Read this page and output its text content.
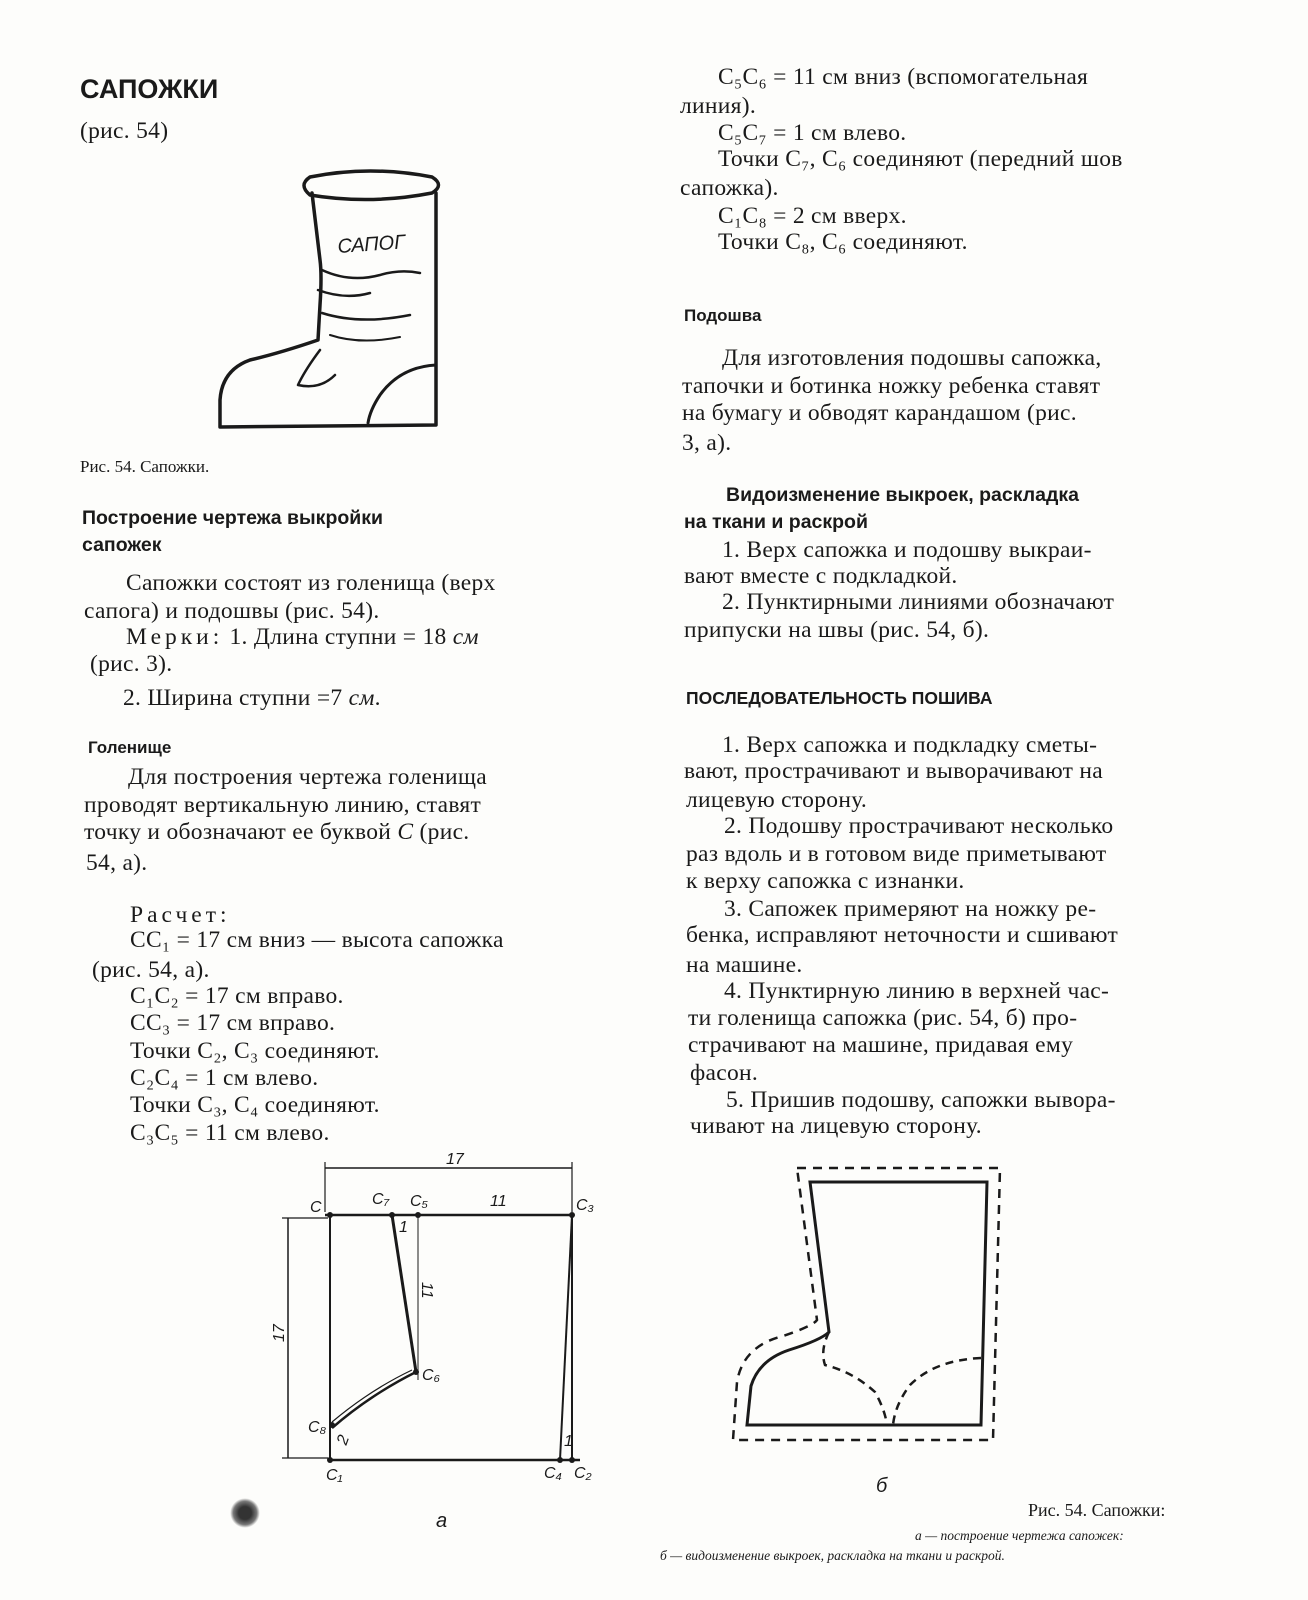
САПОЖКИ
(рис. 54)
САПОГ
Рис. 54. Сапожки.
Построение чертежа выкройки
сапожек
Сапожки состоят из голенища (верх
сапога) и подошвы (рис. 54).
Мерки: 1. Длина ступни = 18 см
(рис. 3).
2. Ширина ступни =7 см.
Голенище
Для построения чертежа голенища
проводят вертикальную линию, ставят
точку и обозначают ее буквой С (рис.
54, а).
Расчет:
CC₁ = 17 см вниз — высота сапожка
(рис. 54, а).
C₁C₂ = 17 см вправо.
CC₃ = 17 см вправо.
Точки C₂, C₃ соединяют.
C₂C₄ = 1 см влево.
Точки C₃, C₄ соединяют.
C₃C₅ = 11 см влево.
17
11
17
1
11
2	1
C	C₇ C₅	C₃
C₆
C₈
C₁	C₄ C₂
а
C₅C₆ = 11 см вниз (вспомогательная
линия).
C₅C₇ = 1 см влево.
Точки C₇, C₆ соединяют (передний шов
сапожка).
C₁C₈ = 2 см вверх.
Точки C₈, C₆ соединяют.
Подошва
Для изготовления подошвы сапожка,
тапочки и ботинка ножку ребенка ставят
на бумагу и обводят карандашом (рис.
3, а).
Видоизменение выкроек, раскладка
на ткани и раскрой
1. Верх сапожка и подошву выкраи-
вают вместе с подкладкой.
2. Пунктирными линиями обозначают
припуски на швы (рис. 54, б).
ПОСЛЕДОВАТЕЛЬНОСТЬ ПОШИВА
1. Верх сапожка и подкладку сметы-
вают, прострачивают и выворачивают на
лицевую сторону.
2. Подошву прострачивают несколько
раз вдоль и в готовом виде приметывают
к верху сапожка с изнанки.
3. Сапожек примеряют на ножку ре-
бенка, исправляют неточности и сшивают
на машине.
4. Пунктирную линию в верхней час-
ти голенища сапожка (рис. 54, б) про-
страчивают на машине, придавая ему
фасон.
5. Пришив подошву, сапожки вывора-
чивают на лицевую сторону.
б
Рис. 54. Сапожки:
а — построение чертежа сапожек:
б — видоизменение выкроек, раскладка на ткани и раскрой.
